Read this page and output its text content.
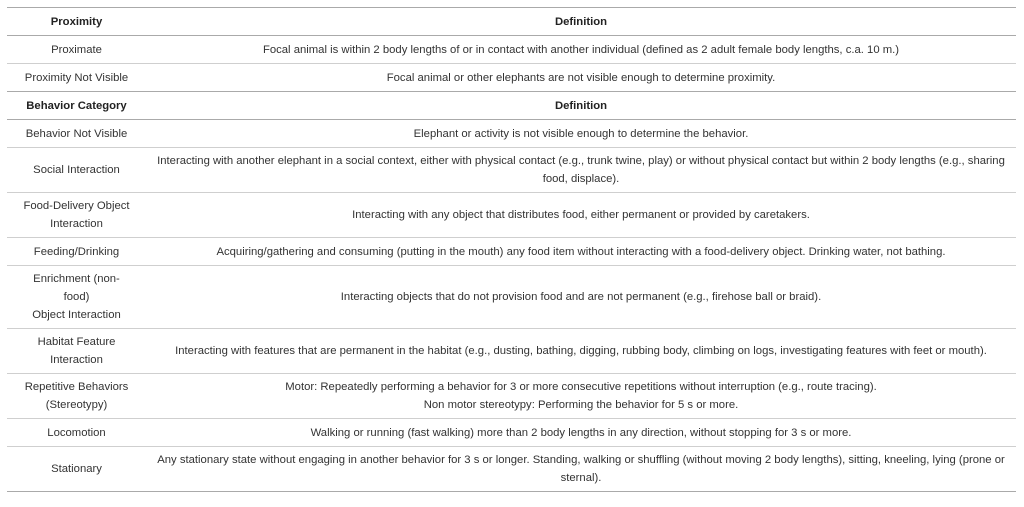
Proximity	Definition
Proximate	Focal animal is within 2 body lengths of or in contact with another individual (defined as 2 adult female body lengths, c.a. 10 m.)
Proximity Not Visible	Focal animal or other elephants are not visible enough to determine proximity.
Behavior Category	Definition
Behavior Not Visible	Elephant or activity is not visible enough to determine the behavior.
Social Interaction	Interacting with another elephant in a social context, either with physical contact (e.g., trunk twine, play) or without physical contact but within 2 body lengths (e.g., sharing food, displace).
Food-Delivery Object Interaction	Interacting with any object that distributes food, either permanent or provided by caretakers.
Feeding/Drinking	Acquiring/gathering and consuming (putting in the mouth) any food item without interacting with a food-delivery object. Drinking water, not bathing.
Enrichment (non-
food)
Object Interaction	Interacting objects that do not provision food and are not permanent (e.g., firehose ball or braid).
Habitat Feature Interaction	Interacting with features that are permanent in the habitat (e.g., dusting, bathing, digging, rubbing body, climbing on logs, investigating features with feet or mouth).
Repetitive Behaviors (Stereotypy)	Motor: Repeatedly performing a behavior for 3 or more consecutive repetitions without interruption (e.g., route tracing).
Non motor stereotypy: Performing the behavior for 5 s or more.
Locomotion	Walking or running (fast walking) more than 2 body lengths in any direction, without stopping for 3 s or more.
Stationary	Any stationary state without engaging in another behavior for 3 s or longer. Standing, walking or shuffling (without moving 2 body lengths), sitting, kneeling, lying (prone or sternal).
